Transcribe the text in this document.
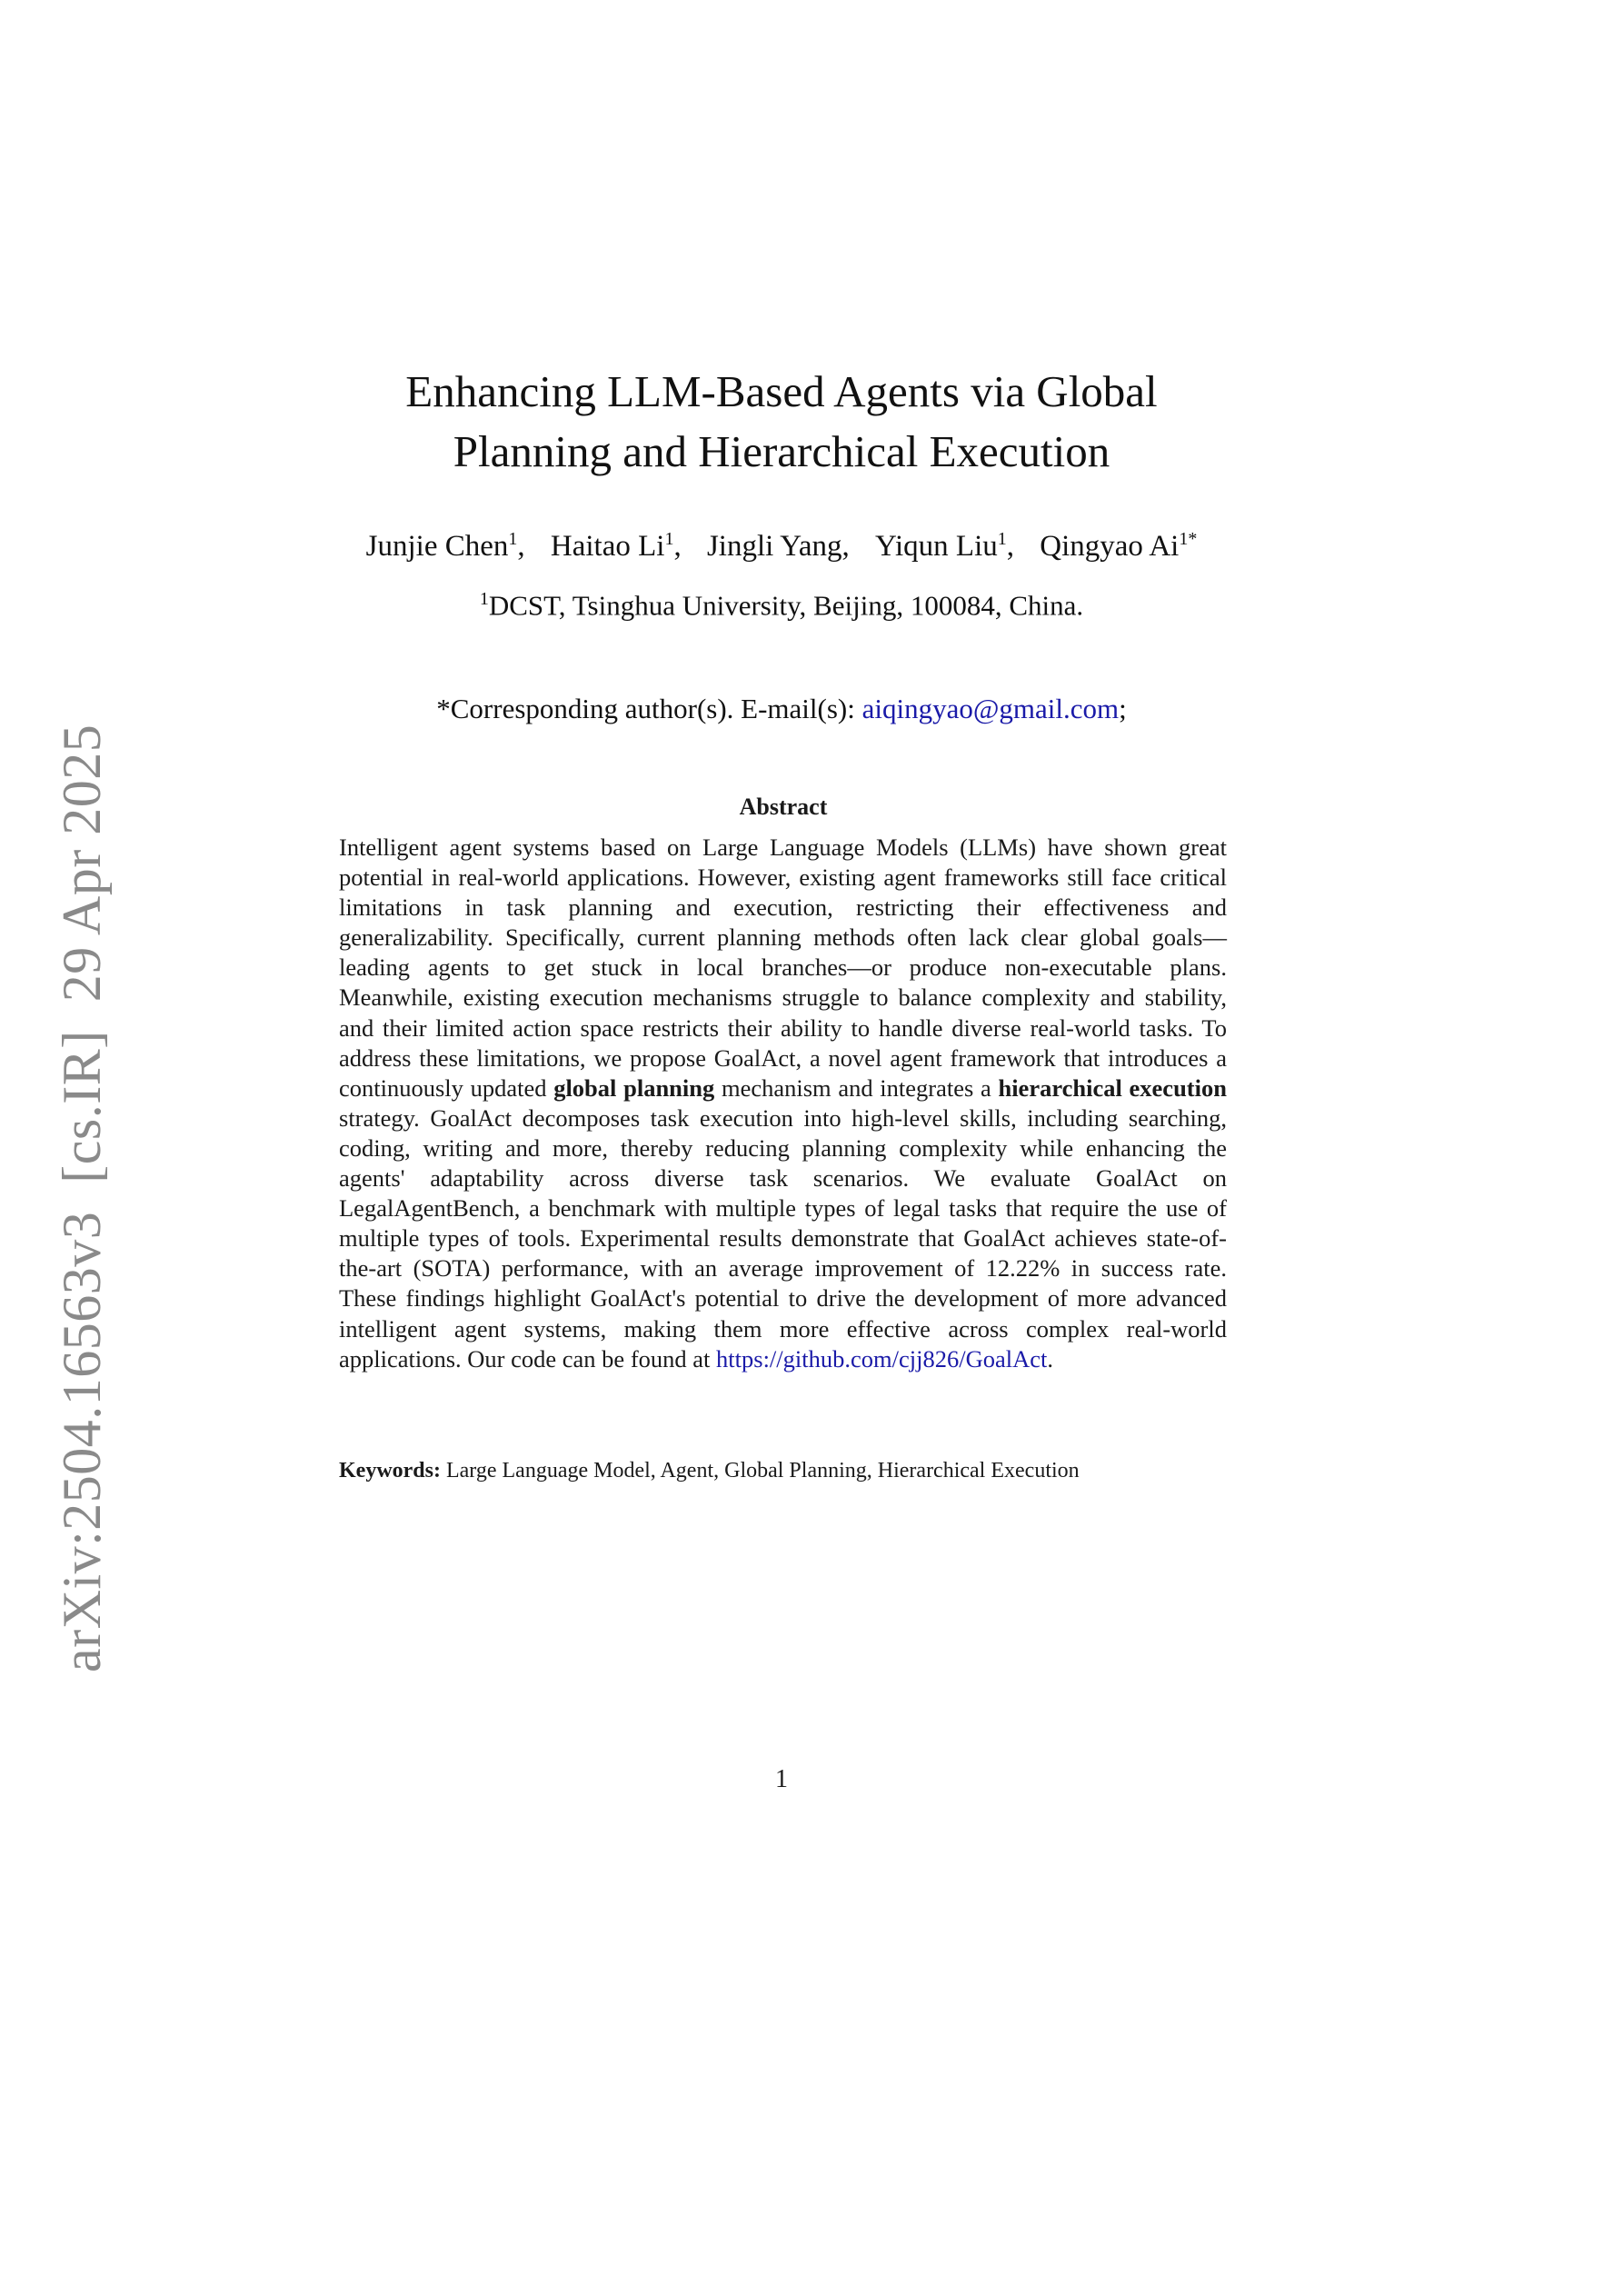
arXiv:2504.16563v3  [cs.IR]  29 Apr 2025
Enhancing LLM-Based Agents via Global
Planning and Hierarchical Execution
Junjie Chen$^1$, Haitao Li$^1$, Jingli Yang, Yiqun Liu$^1$, Qingyao $Ai^{1*}$
$^1$DCST, Tsinghua University, Beijing, 100084, China.
*Corresponding author(s). E-mail(s): aiqingyao@gmail.com;
Abstract
Intelligent agent systems based on Large Language Models (LLMs) have shown great potential in real-world applications. However, existing agent frameworks still face critical limitations in task planning and execution, restricting their effectiveness and generalizability. Specifically, current planning methods often lack clear global goals—leading agents to get stuck in local branches—or produce non-executable plans. Meanwhile, existing execution mechanisms struggle to balance complexity and stability, and their limited action space restricts their ability to handle diverse real-world tasks. To address these limitations, we propose GoalAct, a novel agent framework that introduces a continuously updated global planning mechanism and integrates a hierarchical execution strategy. GoalAct decomposes task execution into high-level skills, including searching, coding, writing and more, thereby reducing planning complexity while enhancing the agents' adaptability across diverse task scenarios. We evaluate GoalAct on LegalAgentBench, a benchmark with multiple types of legal tasks that require the use of multiple types of tools. Experimental results demonstrate that GoalAct achieves state-of-the-art (SOTA) performance, with an average improvement of 12.22% in success rate. These findings highlight GoalAct's potential to drive the development of more advanced intelligent agent systems, making them more effective across complex real-world applications. Our code can be found at https://github.com/cjj826/GoalAct.
Keywords: Large Language Model, Agent, Global Planning, Hierarchical Execution
1
